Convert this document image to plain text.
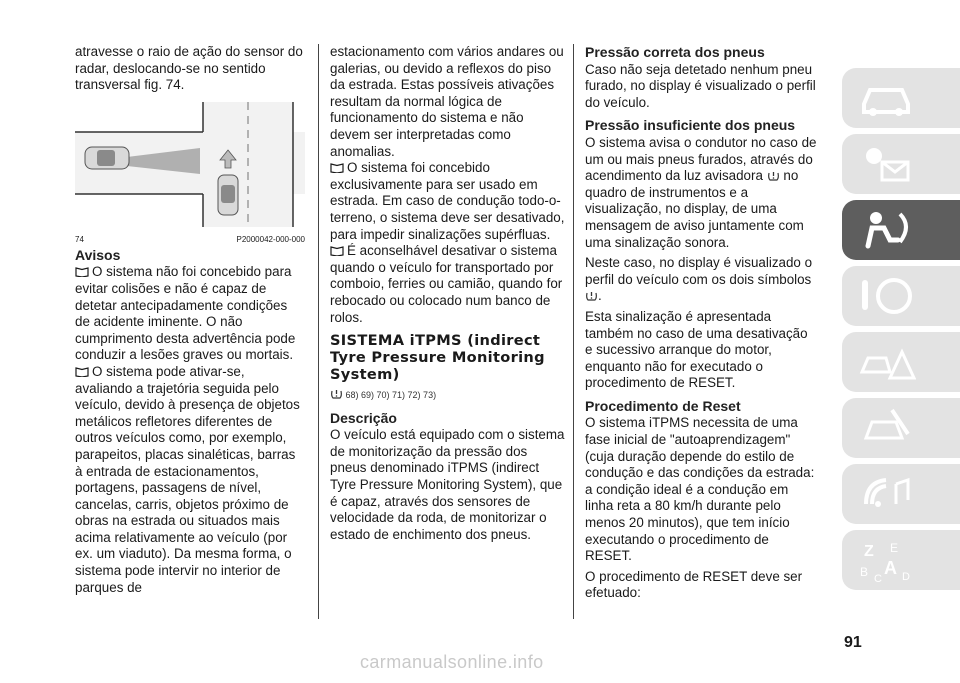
atravesse o raio de ação do sensor do radar, deslocando-se no sentido transversal fig. 74.

74	P2000042-000-000
Avisos

O sistema não foi concebido para evitar colisões e não é capaz de detetar antecipadamente condições de acidente iminente. O não cumprimento desta advertência pode conduzir a lesões graves ou mortais.

O sistema pode ativar-se, avaliando a trajetória seguida pelo veículo, devido à presença de objetos metálicos refletores diferentes de outros veículos como, por exemplo, parapeitos, placas sinaléticas, barras à entrada de estacionamentos, portagens, passagens de nível, cancelas, carris, objetos próximo de obras na estrada ou situados mais acima relativamente ao veículo (por ex. um viaduto). Da mesma forma, o sistema pode intervir no interior de parques de

estacionamento com vários andares ou galerias, ou devido a reflexos do piso da estrada. Estas possíveis ativações resultam da normal lógica de funcionamento do sistema e não devem ser interpretadas como anomalias.

O sistema foi concebido exclusivamente para ser usado em estrada. Em caso de condução todo-o-terreno, o sistema deve ser desativado, para impedir sinalizações supérfluas.

É aconselhável desativar o sistema quando o veículo for transportado por comboio, ferries ou camião, quando for rebocado ou colocado num banco de rolos.

SISTEMA iTPMS (indirect Tyre Pressure Monitoring System)
68) 69) 70) 71) 72) 73)
Descrição

O veículo está equipado com o sistema de monitorização da pressão dos pneus denominado iTPMS (indirect Tyre Pressure Monitoring System), que é capaz, através dos sensores de velocidade da roda, de monitorizar o estado de enchimento dos pneus.

Pressão correta dos pneus

Caso não seja detetado nenhum pneu furado, no display é visualizado o perfil do veículo.

Pressão insuficiente dos pneus

O sistema avisa o condutor no caso de um ou mais pneus furados, através do acendimento da luz avisadora no quadro de instrumentos e a visualização, no display, de uma mensagem de aviso juntamente com uma sinalização sonora.

Neste caso, no display é visualizado o perfil do veículo com os dois símbolos .

Esta sinalização é apresentada também no caso de uma desativação e sucessivo arranque do motor, enquanto não for executado o procedimento de RESET.

Procedimento de Reset

O sistema iTPMS necessita de uma fase inicial de "autoaprendizagem" (cuja duração depende do estilo de condução e das condições da estrada: a condição ideal é a condução em linha reta a 80 km/h durante pelo menos 20 minutos), que tem início executando o procedimento de RESET.

O procedimento de RESET deve ser efetuado:

Z E
B A
C D
91
carmanualsonline.info
